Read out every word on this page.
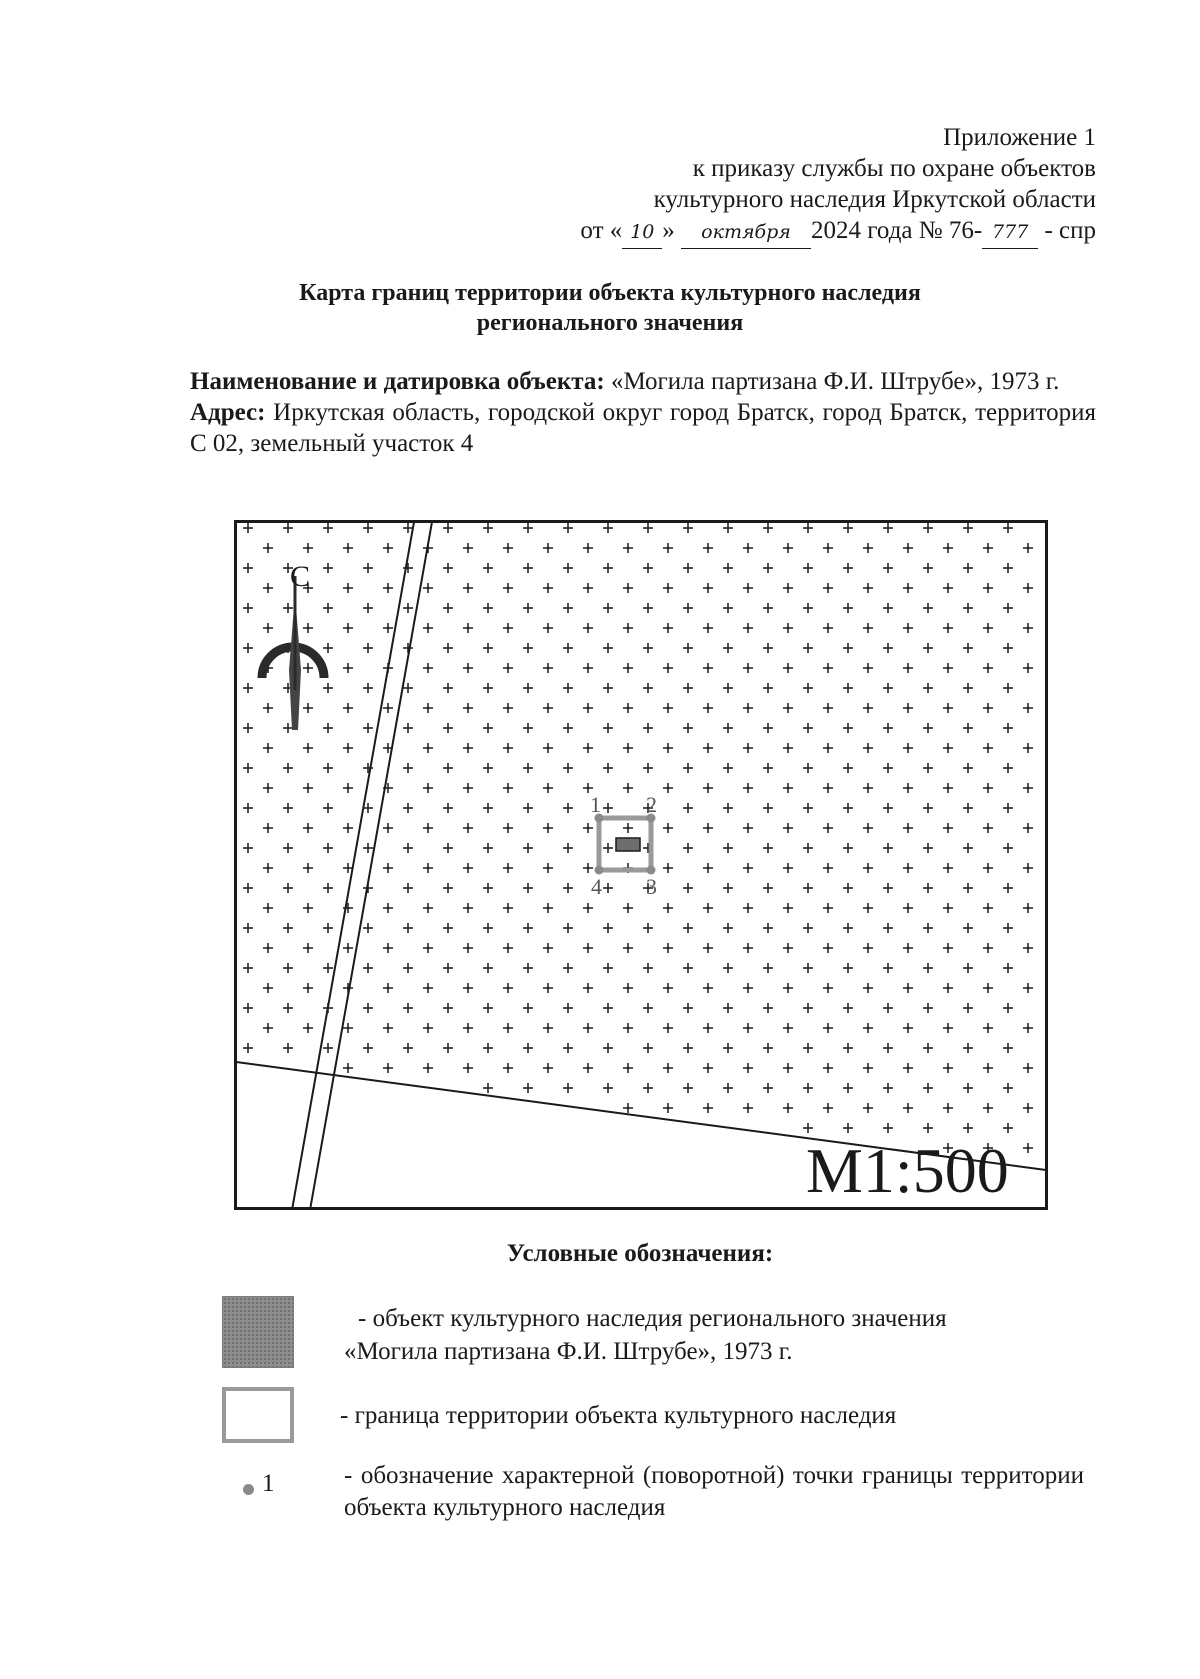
Приложение 1
к приказу службы по охране объектов
культурного наследия Иркутской области
от « 10 » октября 2024 года № 76- 777 - спр
Карта границ территории объекта культурного наследия
регионального значения

Наименование и датировка объекта: «Могила партизана Ф.И. Штрубе», 1973 г.

Адрес: Иркутская область, городской округ город Братск, город Братск, территория С 02, земельный участок 4

С
1 2
3
4
М1:500
Условные обозначения:
- объект культурного наследия регионального значения
«Могила партизана Ф.И. Штрубе», 1973 г.
- граница территории объекта культурного наследия
1	- обозначение характерной (поворотной) точки границы территории объекта культурного наследия
